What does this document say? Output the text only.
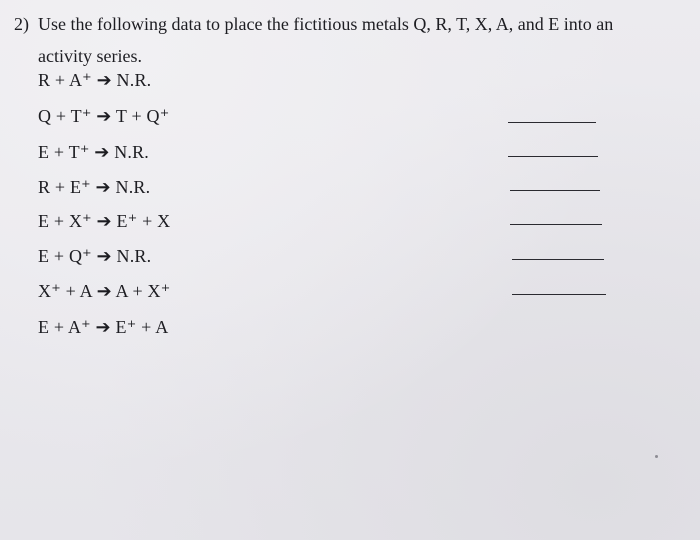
2) Use the following data to place the fictitious metals Q, R, T, X, A, and E into an
activity series.
R + A⁺ ➔ N.R.
Q + T⁺ ➔ T + Q⁺
E + T⁺ ➔ N.R.
R + E⁺ ➔ N.R.
E + X⁺ ➔ E⁺ + X
E + Q⁺ ➔ N.R.
X⁺ + A ➔ A + X⁺
E + A⁺ ➔ E⁺ + A
